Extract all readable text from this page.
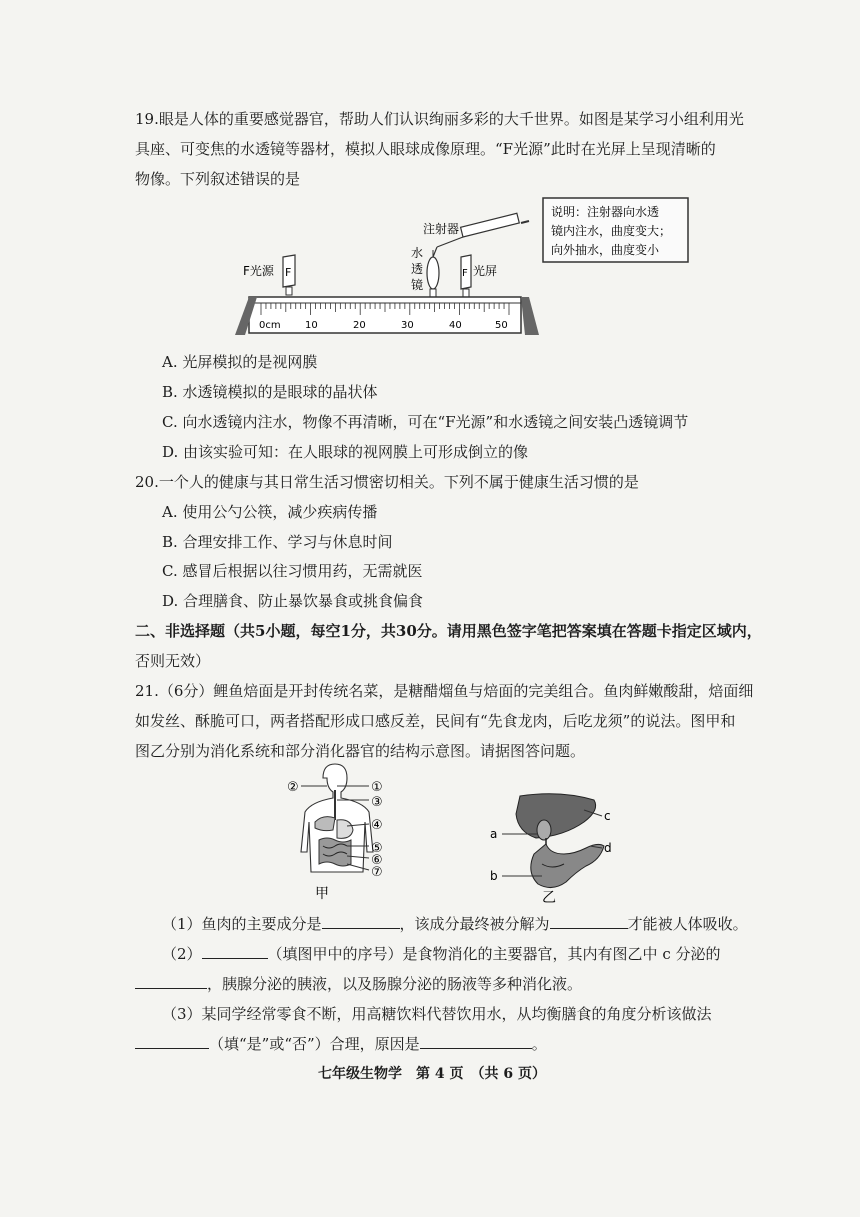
19.眼是人体的重要感觉器官，帮助人们认识绚丽多彩的大千世界。如图是某学习小组利用光
具座、可变焦的水透镜等器材，模拟人眼球成像原理。“F光源”此时在光屏上呈现清晰的
物像。下列叙述错误的是
说明：注射器向水透
镜内注水，曲度变大；
向外抽水，曲度变小
注射器
F光源 F
水
透
镜
F 光屏
0cm 10	20	30	40	50
A. 光屏模拟的是视网膜
B. 水透镜模拟的是眼球的晶状体
C. 向水透镜内注水，物像不再清晰，可在“F光源”和水透镜之间安装凸透镜调节
D. 由该实验可知：在人眼球的视网膜上可形成倒立的像
20.一个人的健康与其日常生活习惯密切相关。下列不属于健康生活习惯的是
A. 使用公勺公筷，减少疾病传播
B. 合理安排工作、学习与休息时间
C. 感冒后根据以往习惯用药，无需就医
D. 合理膳食、防止暴饮暴食或挑食偏食
二、非选择题（共5小题，每空1分，共30分。请用黑色签字笔把答案填在答题卡指定区域内，
否则无效）
21.（6分）鲤鱼焙面是开封传统名菜，是糖醋熘鱼与焙面的完美组合。鱼肉鲜嫩酸甜，焙面细
如发丝、酥脆可口，两者搭配形成口感反差，民间有“先食龙肉，后吃龙须”的说法。图甲和
图乙分别为消化系统和部分消化器官的结构示意图。请据图答问题。
①
②
③
④
⑤
⑥
⑦
甲
a
b
c
d
乙
（1）鱼肉的主要成分是	，该成分最终被分解为	才能被人体吸收。
（2）	（填图甲中的序号）是食物消化的主要器官，其内有图乙中 c 分泌的
，胰腺分泌的胰液，以及肠腺分泌的肠液等多种消化液。
（3）某同学经常零食不断，用高糖饮料代替饮用水，从均衡膳食的角度分析该做法
（填“是”或“否”）合理，原因是	。
七年级生物学　第 4 页　（共 6 页）
